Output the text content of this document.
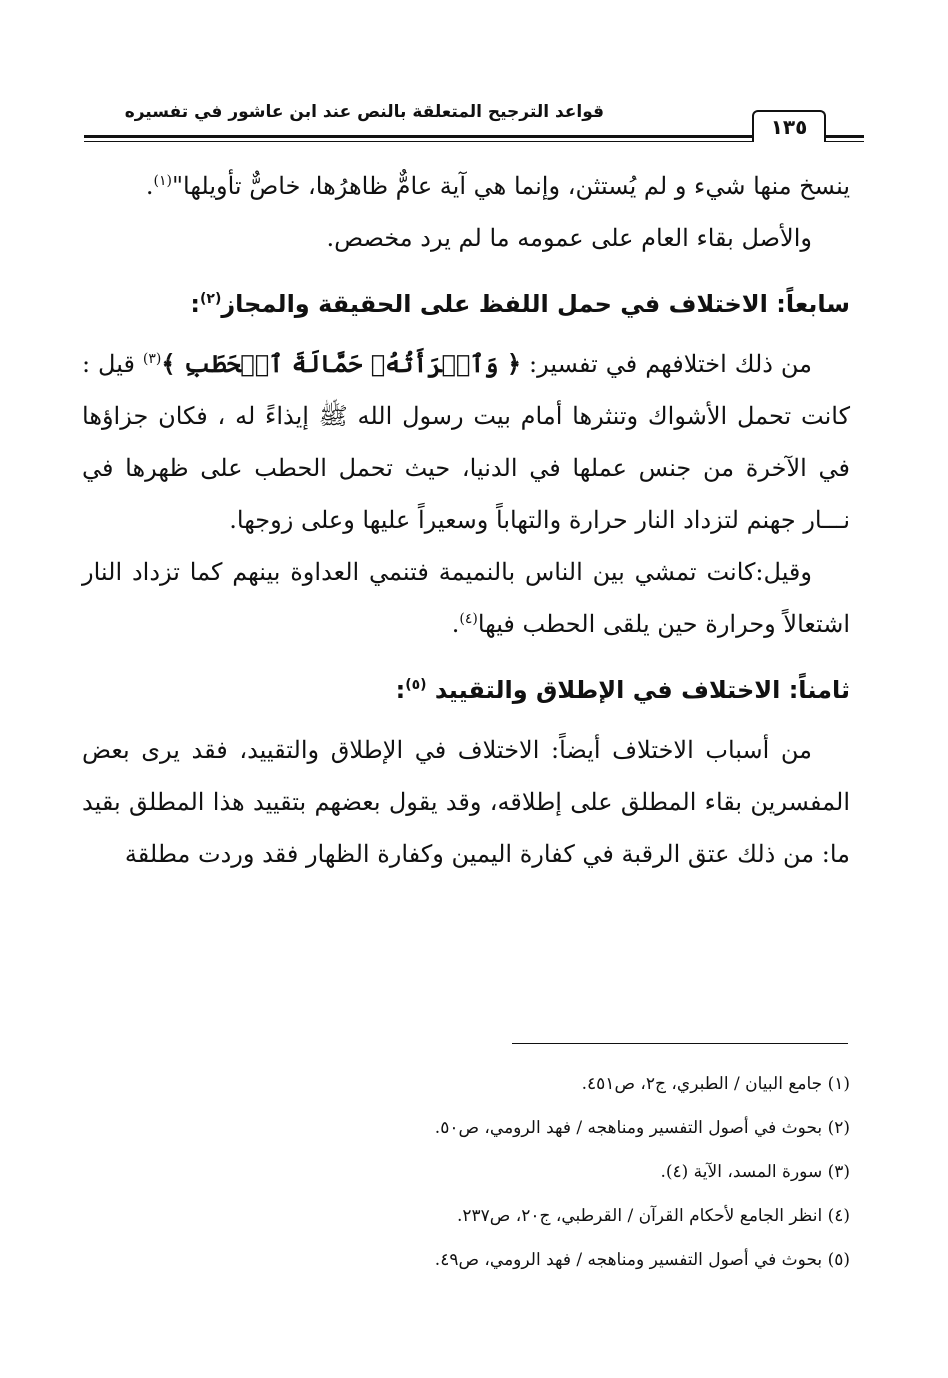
قواعد الترجيح المتعلقة بالنص عند ابن عاشور في تفسيره
١٣٥

ينسخ منها شيء و لم يُستثن، وإنما هي آية عامٌّ ظاهرُها، خاصٌّ تأويلها"$^{(١)}$.

والأصل بقاء العام على عمومه ما لم يرد مخصص.

سابعاً: الاختلاف في حمل اللفظ على الحقيقة والمجاز$^{(٢)}$:

من ذلك اختلافهم في تفسير: ﴿ وَٱمۡرَأَتُهُۥ حَمَّالَةَ ٱلۡحَطَبِ ﴾$^{(٣)}$ قيل : كانت تحمل الأشواك وتنثرها أمام بيت رسول الله ﷺ إيذاءً له ، فكان جزاؤها في الآخرة من جنس عملها في الدنيا، حيث تحمل الحطب على ظهرها في نـــار جهنم لتزداد النار حرارة والتهاباً وسعيراً عليها وعلى زوجها.

وقيل:كانت تمشي بين الناس بالنميمة فتنمي العداوة بينهم كما تزداد النار اشتعالاً وحرارة حين يلقى الحطب فيها$^{(٤)}$.

ثامناً: الاختلاف في الإطلاق والتقييد $^{(٥)}$:

من أسباب الاختلاف أيضاً: الاختلاف في الإطلاق والتقييد، فقد يرى بعض المفسرين بقاء المطلق على إطلاقه، وقد يقول بعضهم بتقييد هذا المطلق بقيد ما: من ذلك عتق الرقبة في كفارة اليمين وكفارة الظهار فقد وردت مطلقة

(١) جامع البيان / الطبري، ج٢، ص٤٥١.

(٢) بحوث في أصول التفسير ومناهجه / فهد الرومي، ص٥٠.

(٣) سورة المسد، الآية (٤).

(٤) انظر الجامع لأحكام القرآن / القرطبي، ج٢٠، ص٢٣٧.

(٥) بحوث في أصول التفسير ومناهجه / فهد الرومي، ص٤٩.
